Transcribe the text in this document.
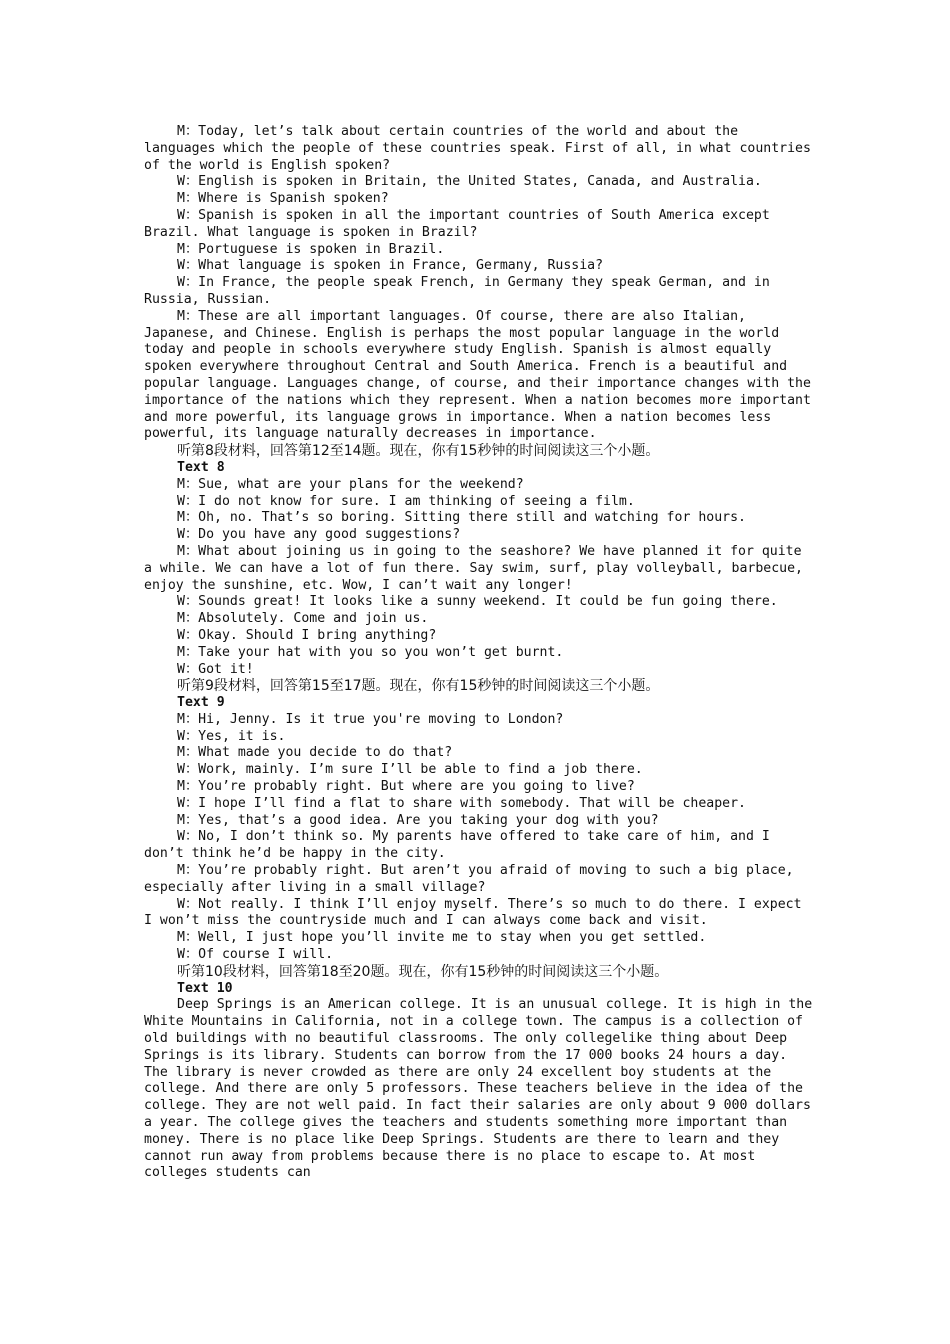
M：Today, let’s talk about certain countries of the world and about the languages which the people of these countries speak. First of all, in what countries of the world is English spoken?

W：English is spoken in Britain, the United States, Canada, and Australia.

M：Where is Spanish spoken?

W：Spanish is spoken in all the important countries of South America except Brazil. What language is spoken in Brazil?

M：Portuguese is spoken in Brazil.

W：What language is spoken in France, Germany, Russia?

W：In France, the people speak French, in Germany they speak German, and in Russia, Russian.

M：These are all important languages. Of course, there are also Italian, Japanese, and Chinese. English is perhaps the most popular language in the world today and people in schools everywhere study English. Spanish is almost equally spoken everywhere throughout Central and South America. French is a beautiful and popular language. Languages change, of course, and their importance changes with the importance of the nations which they represent. When a nation becomes more important and more powerful, its language grows in importance. When a nation becomes less powerful, its language naturally decreases in importance.

听第8段材料，回答第12至14题。现在，你有15秒钟的时间阅读这三个小题。

Text 8

M：Sue, what are your plans for the weekend?

W：I do not know for sure. I am thinking of seeing a film.

M：Oh, no. That’s so boring. Sitting there still and watching for hours.

W：Do you have any good suggestions?

M：What about joining us in going to the seashore? We have planned it for quite a while. We can have a lot of fun there. Say swim, surf, play volleyball, barbecue, enjoy the sunshine, etc. Wow, I can’t wait any longer!

W：Sounds great! It looks like a sunny weekend. It could be fun going there.

M：Absolutely. Come and join us.

W：Okay. Should I bring anything?

M：Take your hat with you so you won’t get burnt.

W：Got it!

听第9段材料，回答第15至17题。现在，你有15秒钟的时间阅读这三个小题。

Text 9

M：Hi, Jenny. Is it true you're moving to London?

W：Yes, it is.

M：What made you decide to do that?

W：Work, mainly. I’m sure I’ll be able to find a job there.

M：You’re probably right. But where are you going to live?

W：I hope I’ll find a flat to share with somebody. That will be cheaper.

M：Yes, that’s a good idea. Are you taking your dog with you?

W：No, I don’t think so. My parents have offered to take care of him, and I don’t think he’d be happy in the city.

M：You’re probably right. But aren’t you afraid of moving to such a big place, especially after living in a small village?

W：Not really. I think I’ll enjoy myself. There’s so much to do there. I expect I won’t miss the countryside much and I can always come back and visit.

M：Well, I just hope you’ll invite me to stay when you get settled.

W：Of course I will.

听第10段材料，回答第18至20题。现在，你有15秒钟的时间阅读这三个小题。

Text 10

Deep Springs is an American college. It is an unusual college. It is high in the White Mountains in California, not in a college town. The campus is a collection of old buildings with no beautiful classrooms. The only collegelike thing about Deep Springs is its library. Students can borrow from the 17 000 books 24 hours a day. The library is never crowded as there are only 24 excellent boy students at the college. And there are only 5 professors. These teachers believe in the idea of the college. They are not well paid. In fact their salaries are only about 9 000 dollars a year. The college gives the teachers and students something more important than money. There is no place like Deep Springs. Students are there to learn and they cannot run away from problems because there is no place to escape to. At most colleges students can
